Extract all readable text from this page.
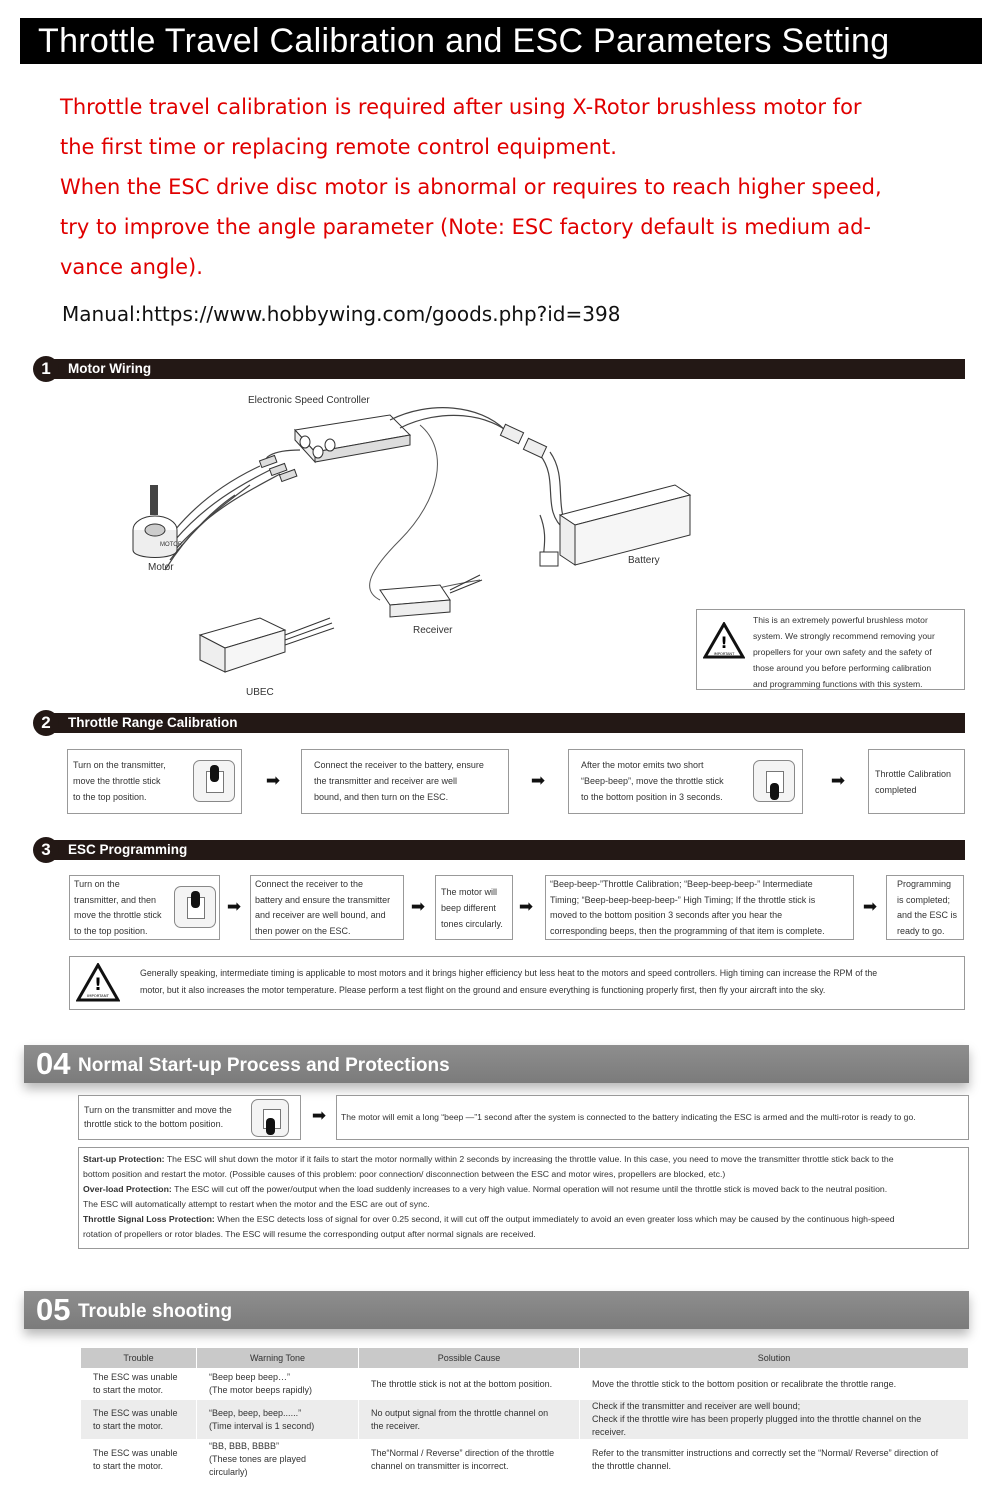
Throttle Travel Calibration and ESC Parameters Setting
Throttle travel calibration is required after using X-Rotor brushless motor for
the first time or replacing remote control equipment.
When the ESC drive disc motor is abnormal or requires to reach higher speed,
try to improve the angle parameter (Note: ESC factory default is medium ad-
vance angle).
Manual:https://www.hobbywing.com/goods.php?id=398
Motor Wiring
1
MOTOR
Electronic Speed Controller
Motor
Battery
Receiver
UBEC
!
IMPORTANT
This is an extremely powerful brushless motor
system. We strongly recommend removing your
propellers for your own safety and the safety of
those around you before performing calibration
and programming functions with this system.
Throttle Range Calibration
2
Turn on the transmitter,
move the throttle stick
to the top position.
➡
Connect the receiver to the battery, ensure
the transmitter and receiver are well
bound, and then turn on the ESC.
➡
After the motor emits two short
“Beep-beep”, move the throttle stick
to the bottom position in 3 seconds.
➡	Throttle Calibration
completed
ESC Programming
3
Turn on the
transmitter, and then
move the throttle stick
to the top position.
➡
Connect the receiver to the
battery and ensure the transmitter
and receiver are well bound, and
then power on the ESC.
➡
The motor will
beep different
tones circularly.
➡
“Beep-beep-”Throttle Calibration; “Beep-beep-beep-” Intermediate
Timing; “Beep-beep-beep-beep-” High Timing; If the throttle stick is
moved to the bottom position 3 seconds after you hear the
corresponding beeps, then the programming of that item is complete.
➡
Programming
is completed;
and the ESC is
ready to go.
!
IMPORTANT
Generally speaking, intermediate timing is applicable to most motors and it brings higher efficiency but less heat to the motors and speed controllers. High timing can increase the RPM of the
motor, but it also increases the motor temperature. Please perform a test flight on the ground and ensure everything is functioning properly first, then fly your aircraft into the sky.
04 Normal Start-up Process and Protections
Turn on the transmitter and move the
throttle stick to the bottom position.	➡	The motor will emit a long “beep —”1 second after the system is connected to the battery indicating the ESC is armed and the multi-rotor is ready to go.
Start-up Protection: The ESC will shut down the motor if it fails to start the motor normally within 2 seconds by increasing the throttle value. In this case, you need to move the transmitter throttle stick back to the
bottom position and restart the motor. (Possible causes of this problem: poor connection/ disconnection between the ESC and motor wires, propellers are blocked, etc.)
Over-load Protection: The ESC will cut off the power/output when the load suddenly increases to a very high value. Normal operation will not resume until the throttle stick is moved back to the neutral position.
The ESC will automatically attempt to restart when the motor and the ESC are out of sync.
Throttle Signal Loss Protection: When the ESC detects loss of signal for over 0.25 second, it will cut off the output immediately to avoid an even greater loss which may be caused by the continuous high-speed
rotation of propellers or rotor blades. The ESC will resume the corresponding output after normal signals are received.
05 Trouble shooting
Trouble	Warning Tone	Possible Cause	Solution
The ESC was unable
to start the motor.	“Beep beep beep…”
(The motor beeps rapidly)	The throttle stick is not at the bottom position.	Move the throttle stick to the bottom position or recalibrate the throttle range.
The ESC was unable
to start the motor.	“Beep, beep, beep......”
(Time interval is 1 second)	No output signal from the throttle channel on
the receiver.	Check if the transmitter and receiver are well bound;
Check if the throttle wire has been properly plugged into the throttle channel on the receiver.
The ESC was unable
to start the motor.	“BB, BBB, BBBB”
(These tones are played circularly)	The“Normal / Reverse” direction of the throttle
channel on transmitter is incorrect.	Refer to the transmitter instructions and correctly set the “Normal/ Reverse” direction of
the throttle channel.
